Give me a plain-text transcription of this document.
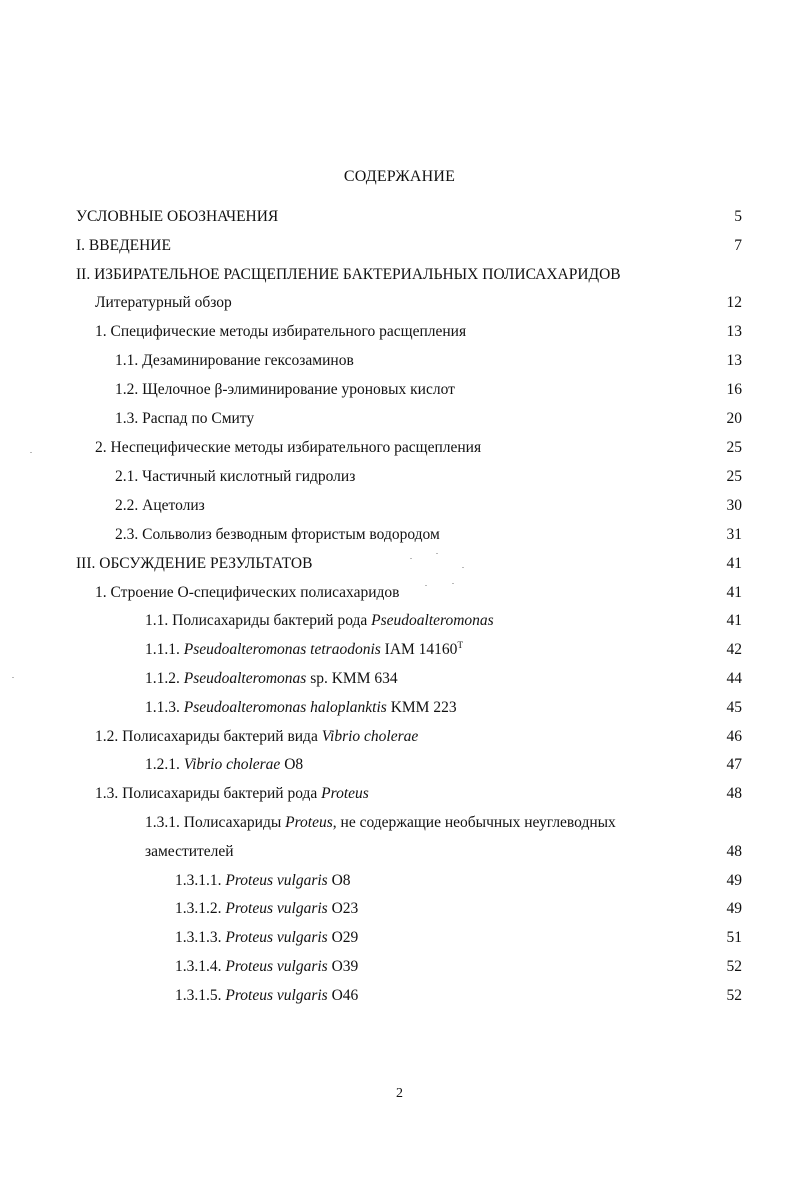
СОДЕРЖАНИЕ
УСЛОВНЫЕ ОБОЗНАЧЕНИЯ	5
I. ВВЕДЕНИЕ	7
II. ИЗБИРАТЕЛЬНОЕ РАСЩЕПЛЕНИЕ БАКТЕРИАЛЬНЫХ ПОЛИСАХАРИДОВ
Литературный обзор	12
1. Специфические методы избирательного расщепления	13
1.1. Дезаминирование гексозаминов	13
1.2. Щелочное β-элиминирование уроновых кислот	16
1.3. Распад по Смиту	20
2. Неспецифические методы избирательного расщепления	25
2.1. Частичный кислотный гидролиз	25
2.2. Ацетолиз	30
2.3. Сольволиз безводным фтористым водородом	31
III. ОБСУЖДЕНИЕ РЕЗУЛЬТАТОВ	41
1. Строение О-специфических полисахаридов	41
1.1. Полисахариды бактерий рода Pseudoalteromonas	41
1.1.1. Pseudoalteromonas tetraodonis IAM $14160^T$	42
1.1.2. Pseudoalteromonas sp. KMM 634	44
1.1.3. Pseudoalteromonas haloplanktis KMM 223	45
1.2. Полисахариды бактерий вида Vibrio cholerae	46
1.2.1. Vibrio cholerae O8	47
1.3. Полисахариды бактерий рода Proteus	48
1.3.1. Полисахариды Proteus, не содержащие необычных неуглеводных
заместителей	48
1.3.1.1. Proteus vulgaris O8	49
1.3.1.2. Proteus vulgaris O23	49
1.3.1.3. Proteus vulgaris O29	51
1.3.1.4. Proteus vulgaris O39	52
1.3.1.5. Proteus vulgaris O46	52
2
